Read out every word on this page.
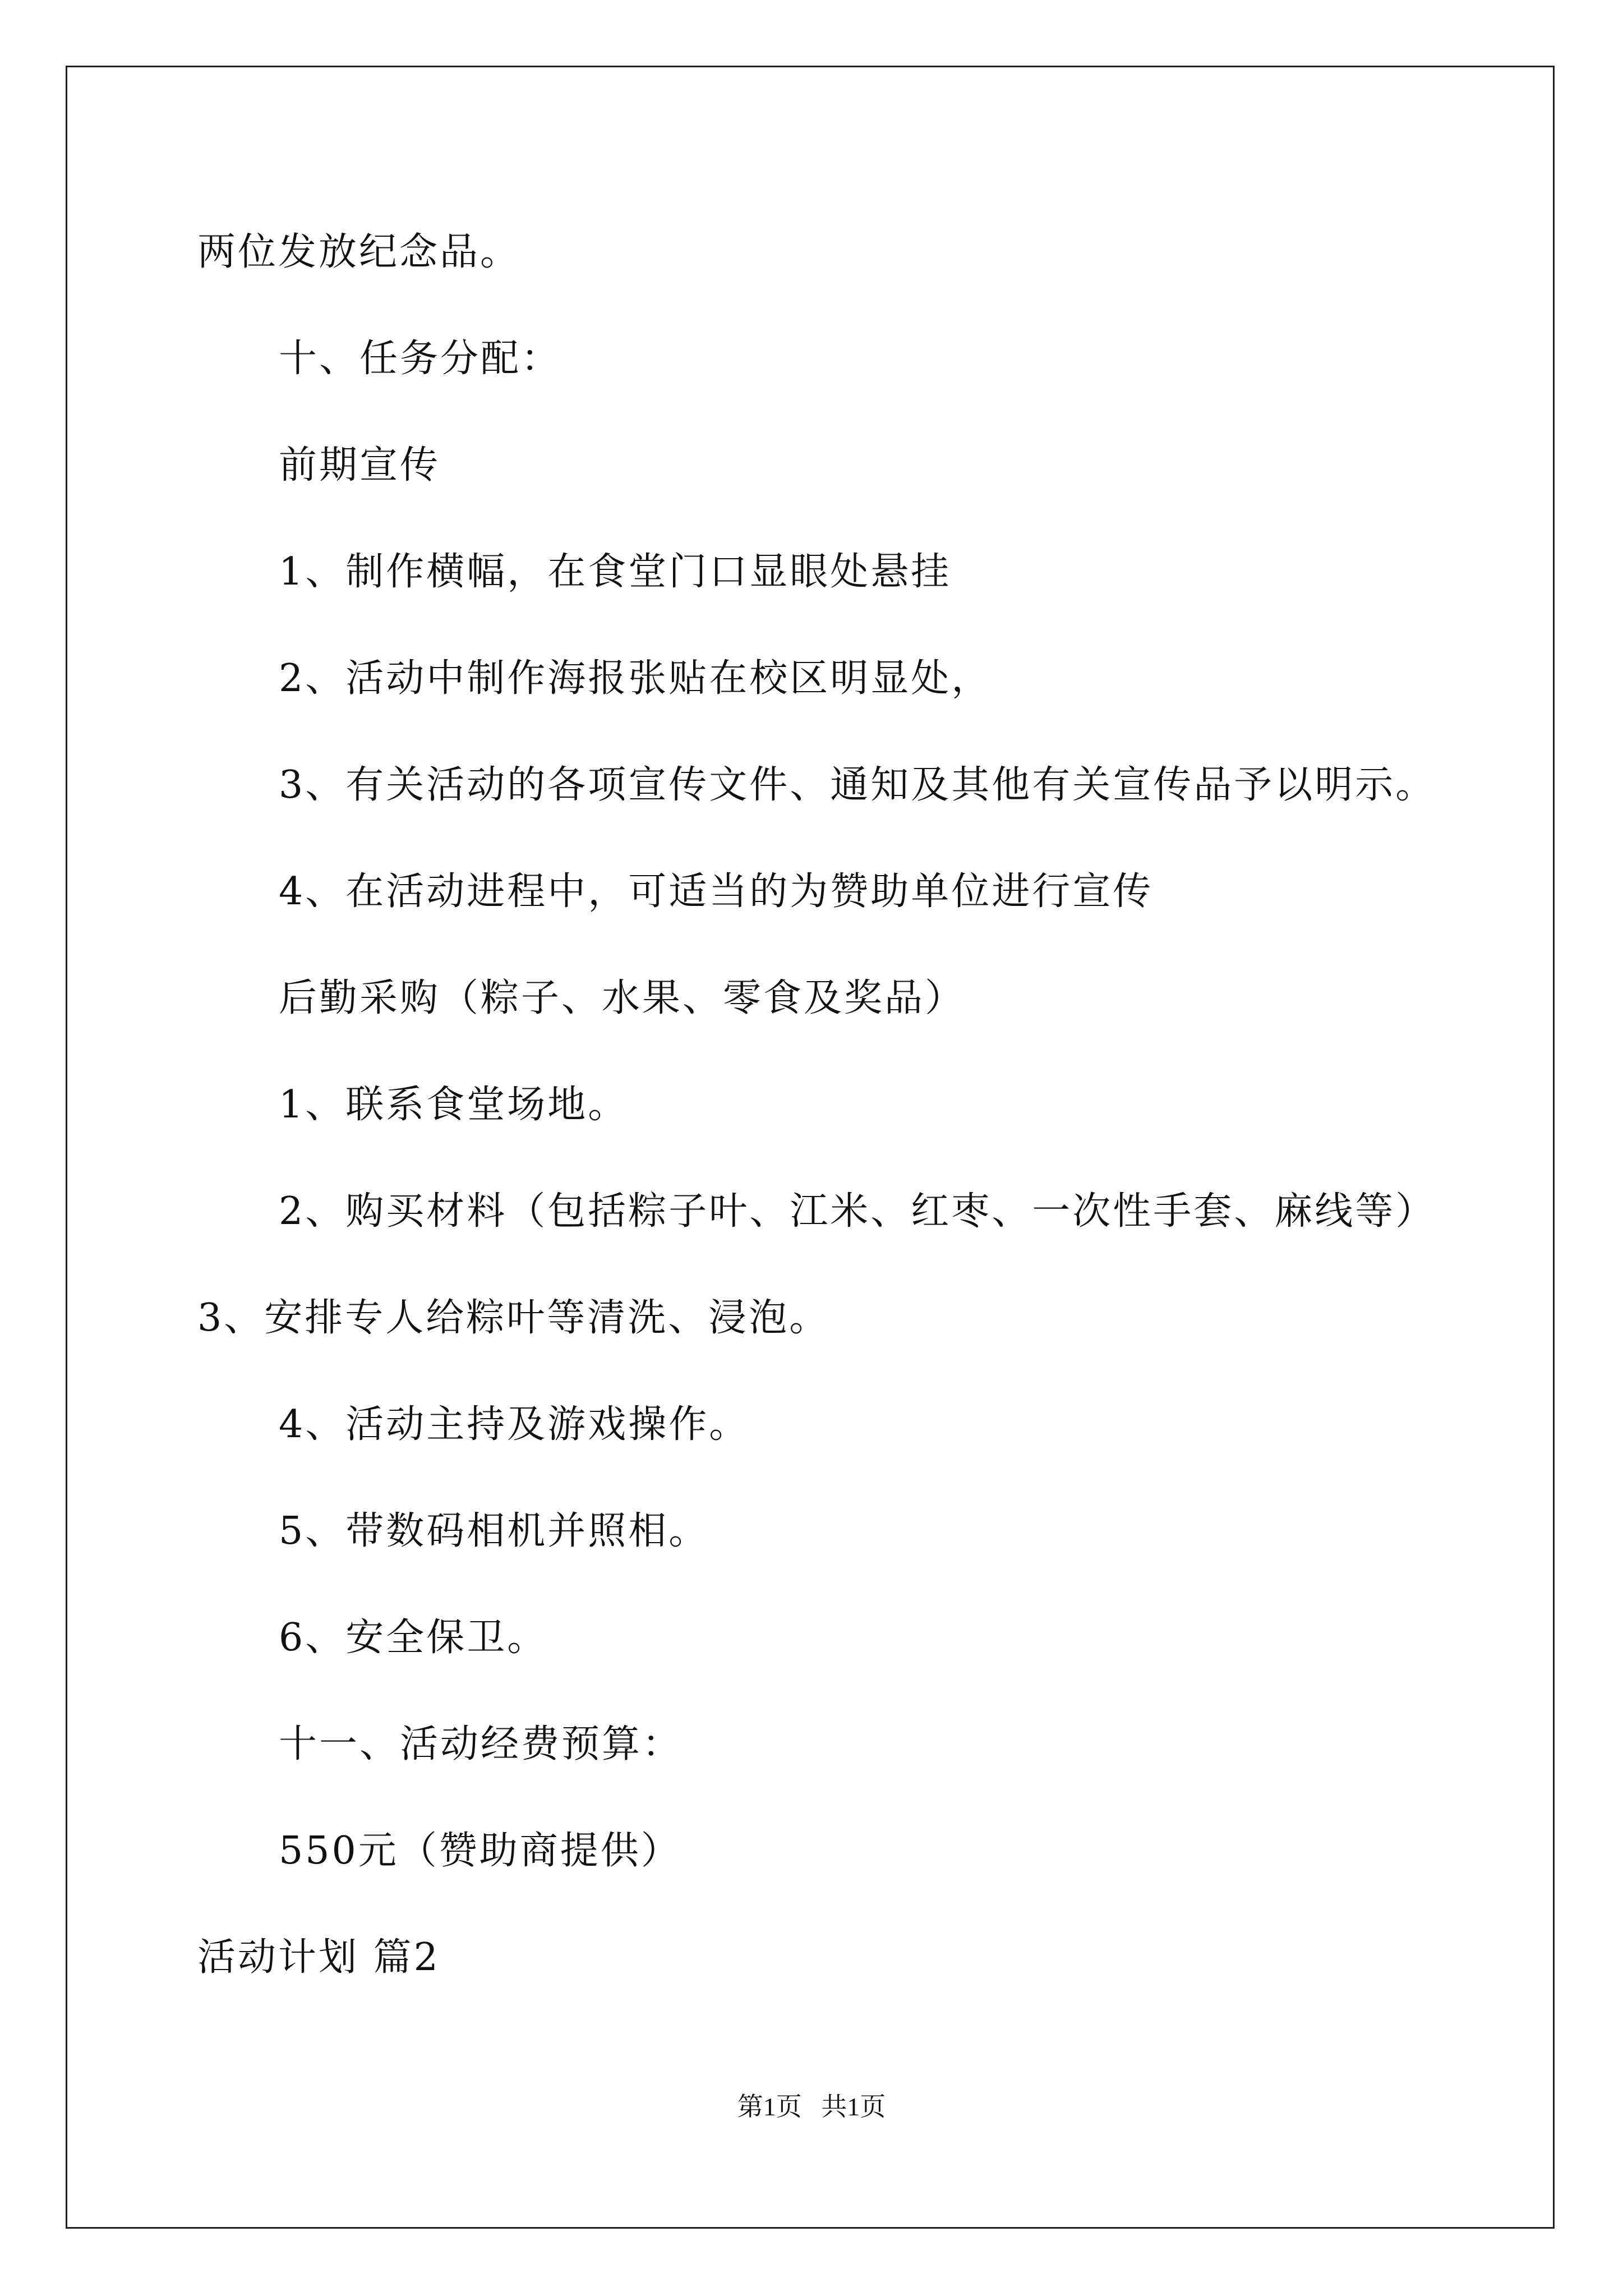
两位发放纪念品。
十、任务分配：
前期宣传
1、制作横幅，在食堂门口显眼处悬挂
2、活动中制作海报张贴在校区明显处，
3、有关活动的各项宣传文件、通知及其他有关宣传品予以明示。
4、在活动进程中，可适当的为赞助单位进行宣传
后勤采购（粽子、水果、零食及奖品）
1、联系食堂场地。
2、购买材料（包括粽子叶、江米、红枣、一次性手套、麻线等）
3、安排专人给粽叶等清洗、浸泡。
4、活动主持及游戏操作。
5、带数码相机并照相。
6、安全保卫。
十一、活动经费预算：
550元（赞助商提供）
活动计划 篇2
第1页   共1页
